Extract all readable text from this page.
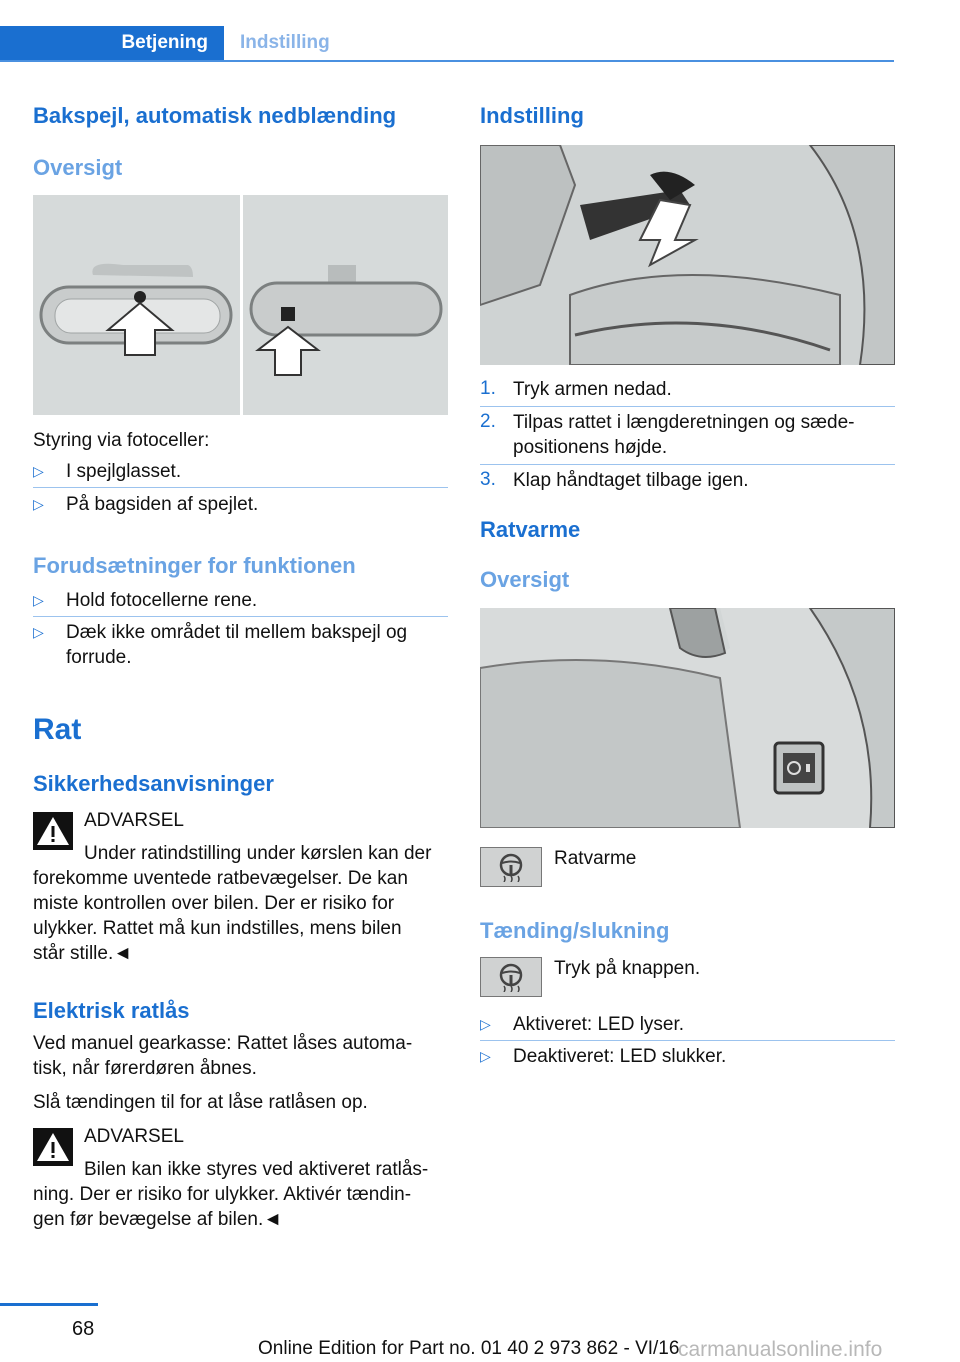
Betjening	Indstilling
Bakspejl, automatisk nedblænding
Oversigt

Styring via fotoceller:

▷ I spejlglasset.
▷ På bagsiden af spejlet.
Forudsætninger for funktionen
▷ Hold fotocellerne rene.
▷ Dæk ikke området til mellem bakspejl og

forrude.

Rat
Sikkerhedsanvisninger

ADVARSEL

Under ratindstilling under kørslen kan der

forekomme uventede ratbevægelser. De kan

miste kontrollen over bilen. Der er risiko for

ulykker. Rattet må kun indstilles, mens bilen

står stille.◄

Elektrisk ratlås

Ved manuel gearkasse: Rattet låses automa-

tisk, når førerdøren åbnes.

Slå tændingen til for at låse ratlåsen op.

ADVARSEL

Bilen kan ikke styres ved aktiveret ratlås-

ning. Der er risiko for ulykker. Aktivér tændin-

gen før bevægelse af bilen.◄

Indstilling
1. Tryk armen nedad.

2. Tilpas rattet i længderetningen og sæde-

positionens højde.

3. Klap håndtaget tilbage igen.

Ratvarme
Oversigt

Ratvarme

Tænding/slukning

Tryk på knappen.

▷ Aktiveret: LED lyser.
▷ Deaktiveret: LED slukker.
68
Online Edition for Part no. 01 40 2 973 862 - VI/16
carmanualsonline.info
